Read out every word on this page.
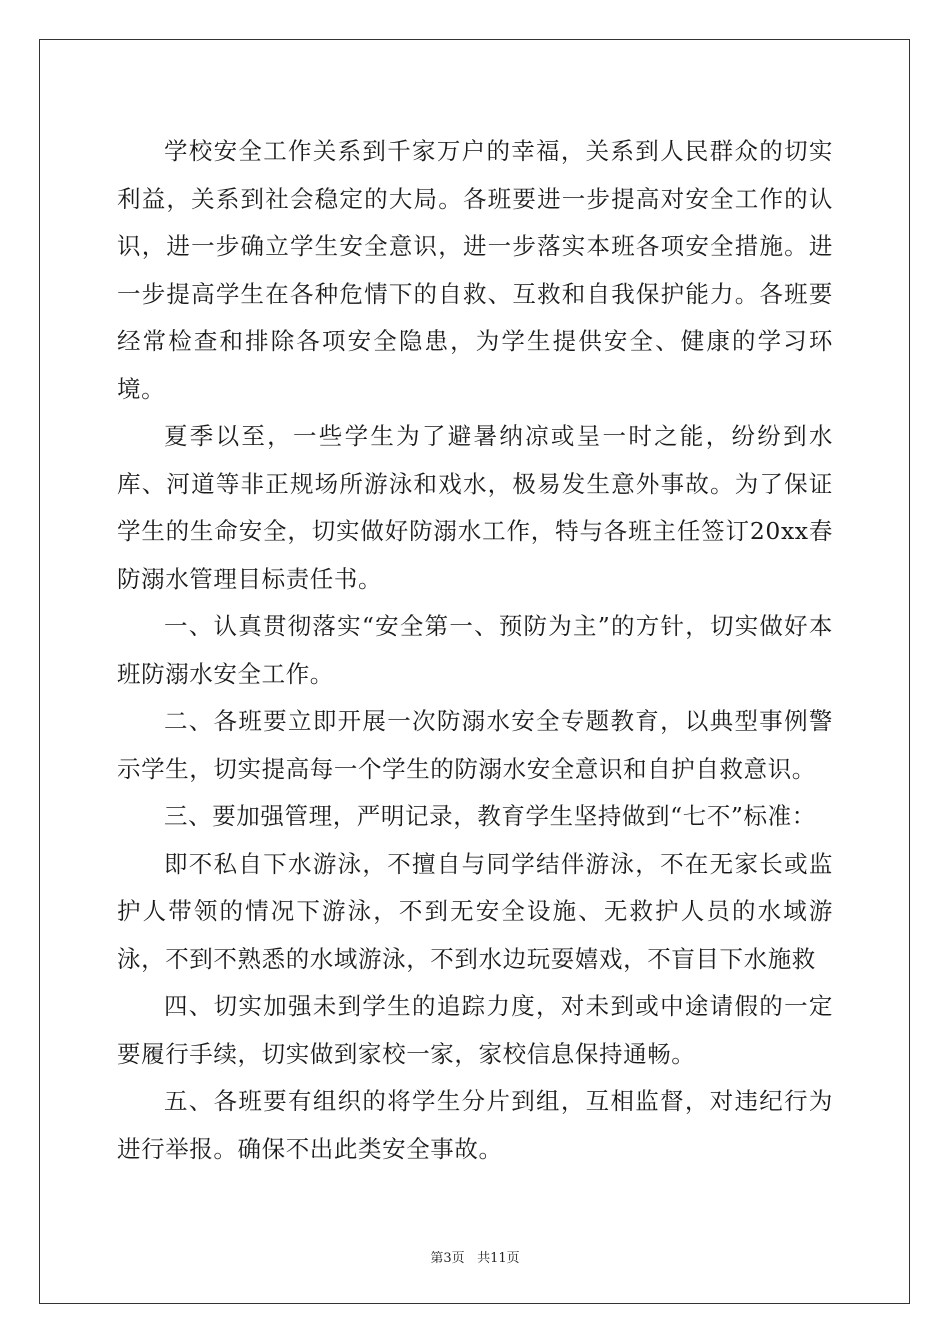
学校安全工作关系到千家万户的幸福，关系到人民群众的切实利益，关系到社会稳定的大局。各班要进一步提高对安全工作的认识，进一步确立学生安全意识，进一步落实本班各项安全措施。进一步提高学生在各种危情下的自救、互救和自我保护能力。各班要经常检查和排除各项安全隐患，为学生提供安全、健康的学习环境。

夏季以至，一些学生为了避暑纳凉或呈一时之能，纷纷到水库、河道等非正规场所游泳和戏水，极易发生意外事故。为了保证学生的生命安全，切实做好防溺水工作，特与各班主任签订20xx春防溺水管理目标责任书。

一、认真贯彻落实“安全第一、预防为主”的方针，切实做好本班防溺水安全工作。

二、各班要立即开展一次防溺水安全专题教育，以典型事例警示学生，切实提高每一个学生的防溺水安全意识和自护自救意识。

三、要加强管理，严明记录，教育学生坚持做到“七不”标准：

即不私自下水游泳，不擅自与同学结伴游泳，不在无家长或监护人带领的情况下游泳，不到无安全设施、无救护人员的水域游泳，不到不熟悉的水域游泳，不到水边玩耍嬉戏，不盲目下水施救

四、切实加强未到学生的追踪力度，对未到或中途请假的一定要履行手续，切实做到家校一家，家校信息保持通畅。

五、各班要有组织的将学生分片到组，互相监督，对违纪行为进行举报。确保不出此类安全事故。

第3页 共11页
